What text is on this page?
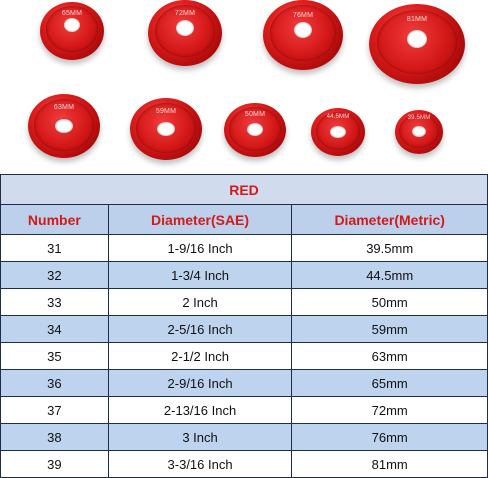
65MM	72MM	76MM
81MM
63MM
59MM	50MM	44.5MM	39.5MM
RED		
Number	Diameter(SAE)	Diameter(Metric)
31	1-9/16 Inch	39.5mm
32	1-3/4 Inch	44.5mm
33	2 Inch	50mm
34	2-5/16 Inch	59mm
35	2-1/2 Inch	63mm
36	2-9/16 Inch	65mm
37	2-13/16 Inch	72mm
38	3 Inch	76mm
39	3-3/16 Inch	81mm
